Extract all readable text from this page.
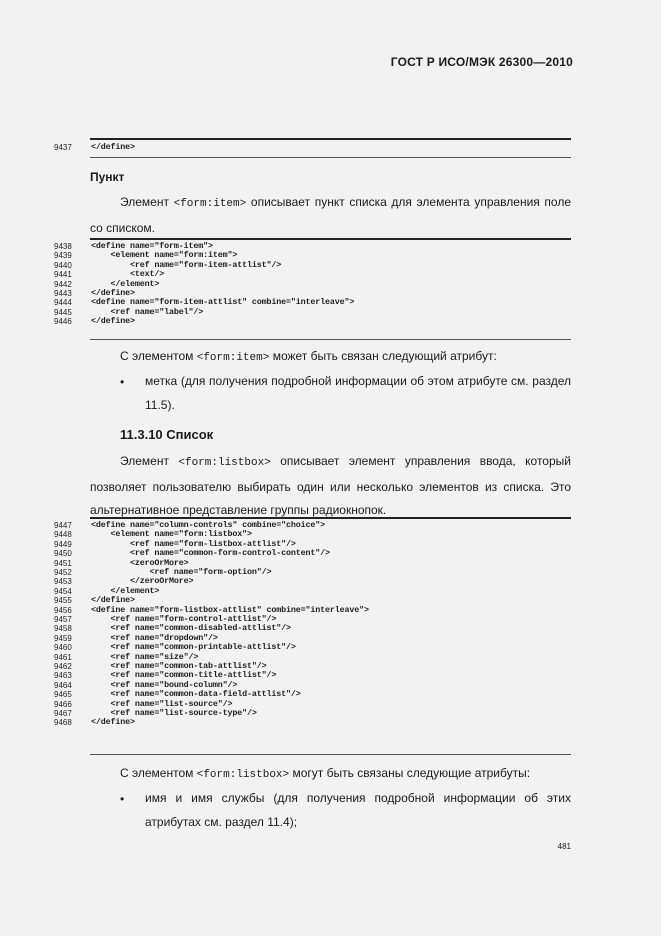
ГОСТ Р ИСО/МЭК 26300—2010
9437 </define>
Пункт
Элемент <form:item> описывает пункт списка для элемента управления поле со списком.
9438 <define name="form-item">
9439 <element name="form:item">
9440 <ref name="form-item-attlist"/>
9441 <text/>
9442 </element>
9443 </define>
9444 <define name="form-item-attlist" combine="interleave">
9445 <ref name="label"/>
9446 </define>
С элементом <form:item> может быть связан следующий атрибут:
• метка (для получения подробной информации об этом атрибуте см. раздел 11.5).
11.3.10 Список
Элемент <form:listbox> описывает элемент управления ввода, который позволяет пользователю выбирать один или несколько элементов из списка. Это альтернативное представление группы радиокнопок.
9447 <define name="column-controls" combine="choice">
9448 <element name="form:listbox">
9449 <ref name="form-listbox-attlist"/>
9450 <ref name="common-form-control-content"/>
9451 <zeroOrMore>
9452 <ref name="form-option"/>
9453 </zeroOrMore>
9454 </element>
9455 </define>
9456 <define name="form-listbox-attlist" combine="interleave">
9457 <ref name="form-control-attlist"/>
9458 <ref name="common-disabled-attlist"/>
9459 <ref name="dropdown"/>
9460 <ref name="common-printable-attlist"/>
9461 <ref name="size"/>
9462 <ref name="common-tab-attlist"/>
9463 <ref name="common-title-attlist"/>
9464 <ref name="bound-column"/>
9465 <ref name="common-data-field-attlist"/>
9466 <ref name="list-source"/>
9467 <ref name="list-source-type"/>
9468 </define>
С элементом <form:listbox> могут быть связаны следующие атрибуты:
• имя и имя службы (для получения подробной информации об этих атрибутах см. раздел 11.4);
481
